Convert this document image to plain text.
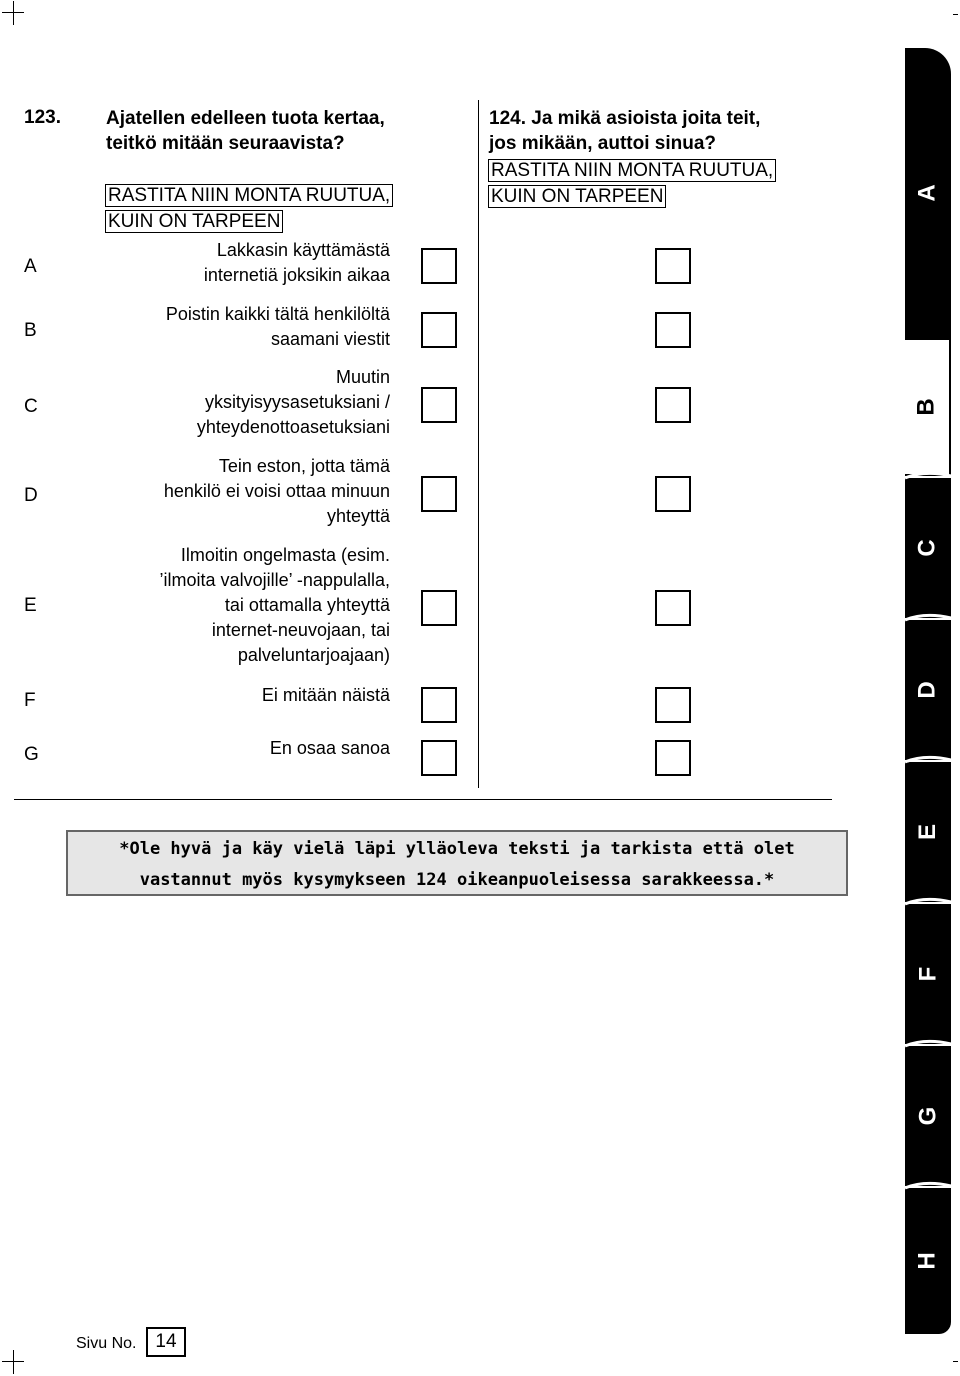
123. Ajatellen edelleen tuota kertaa,
teitkö mitään seuraavista?
RASTITA NIIN MONTA RUUTUA,
KUIN ON TARPEEN
124. Ja mikä asioista joita teit,
jos mikään, auttoi sinua?
RASTITA NIIN MONTA RUUTUA,
KUIN ON TARPEEN
A
Lakkasin käyttämästä
internetiä joksikin aikaa
B
Poistin kaikki tältä henkilöltä
saamani viestit
C
Muutin
yksityisyysasetuksiani /
yhteydenottoasetuksiani
D
Tein eston, jotta tämä
henkilö ei voisi ottaa minuun
yhteyttä
E
Ilmoitin ongelmasta (esim.
’ilmoita valvojille’ -nappulalla,
tai ottamalla yhteyttä
internet-neuvojaan, tai
palveluntarjoajaan)
F	Ei mitään näistä
G	En osaa sanoa
*Ole hyvä ja käy vielä läpi ylläoleva teksti ja tarkista että olet
vastannut myös kysymykseen 124 oikeanpuoleisessa sarakkeessa.*
A
B
C
D
E
F
G
H
Sivu No. 14
